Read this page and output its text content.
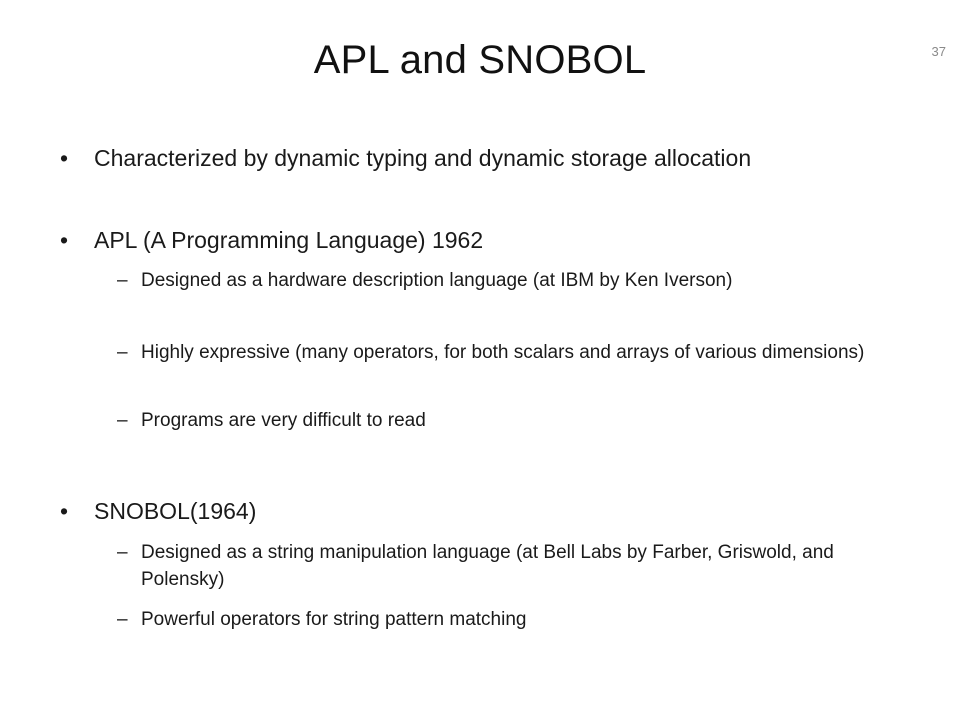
APL and SNOBOL	37
• Characterized by dynamic typing and dynamic storage allocation
• APL (A Programming Language) 1962
– Designed as a hardware description language (at IBM by Ken Iverson)
– Highly expressive (many operators, for both scalars and arrays of various dimensions)
– Programs are very difficult to read
• SNOBOL(1964)
– Designed as a string manipulation language (at Bell Labs by Farber, Griswold, and Polensky)
– Powerful operators for string pattern matching
